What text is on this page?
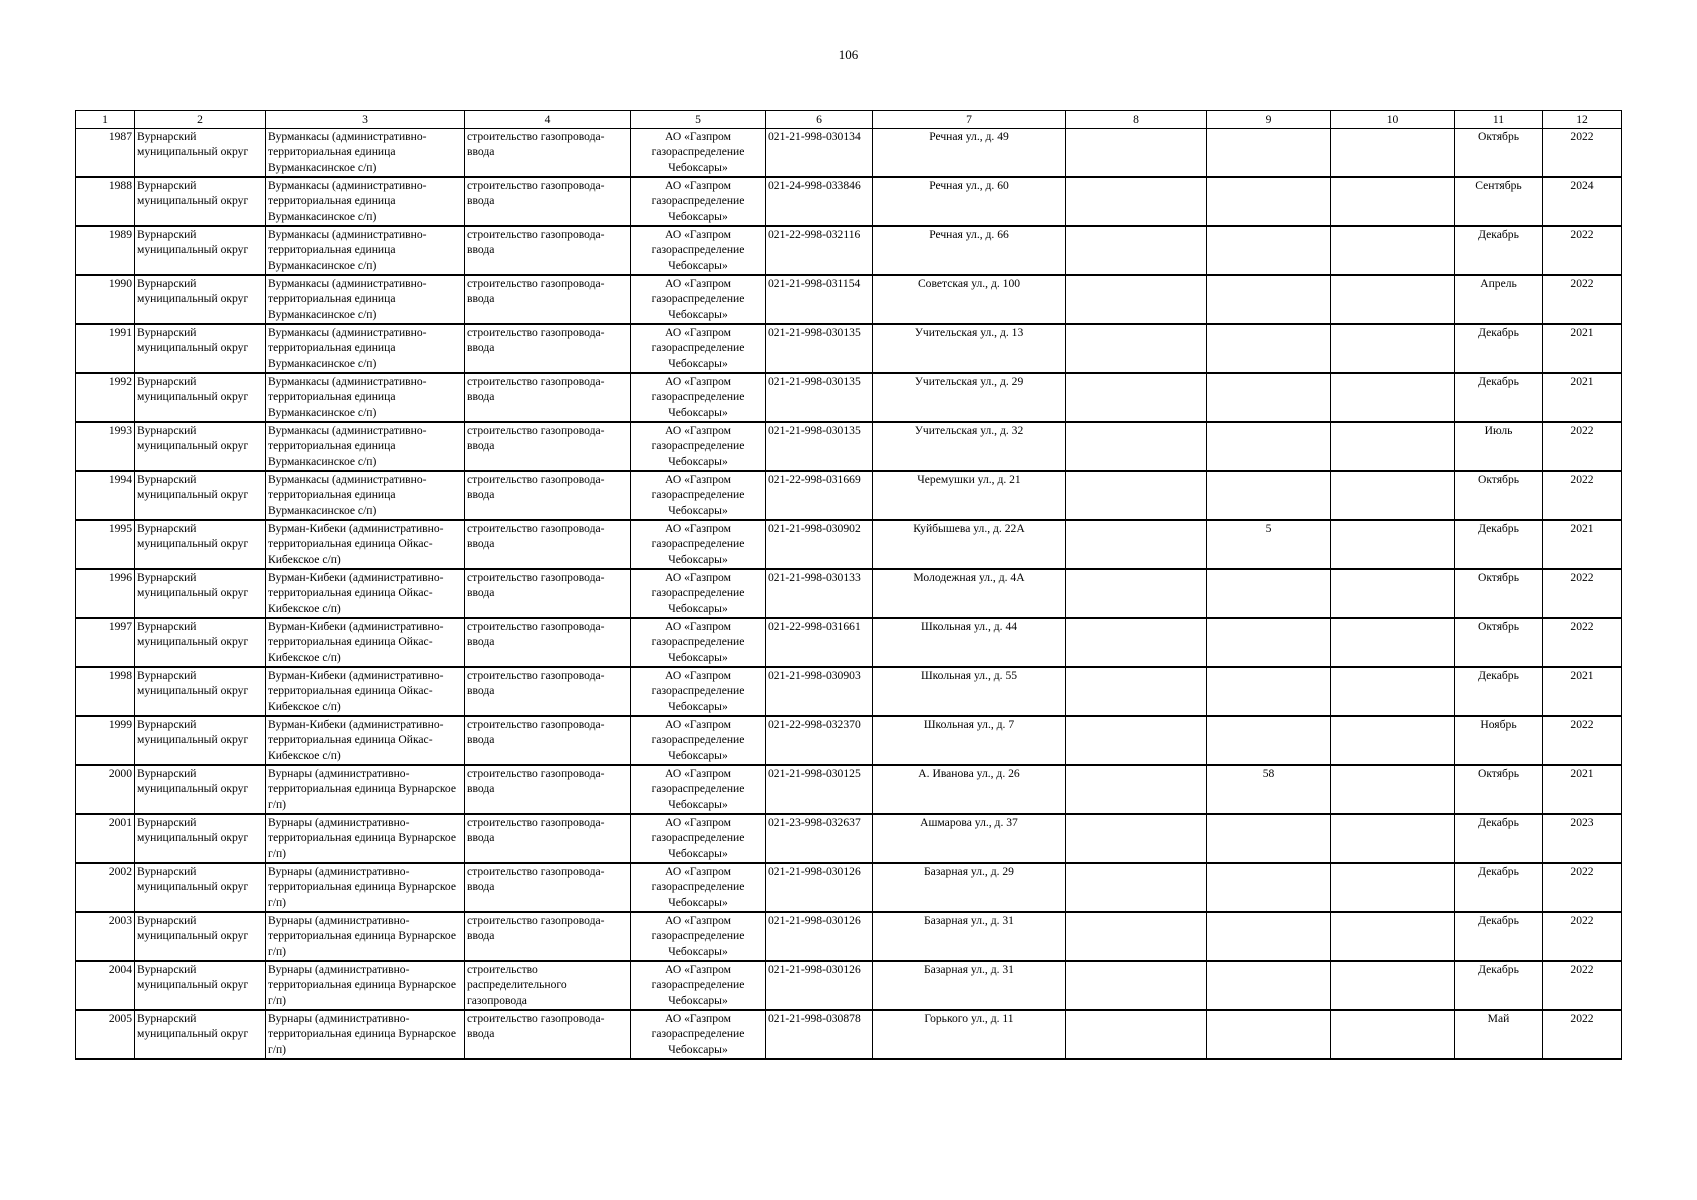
106
1	2	3	4	5	6	7	8	9	10	11	12
1987	Вурнарский муниципальный округ	Вурманкасы (административно-территориальная единица Вурманкасинское с/п)	строительство газопровода-ввода	АО «Газпром газораспределение Чебоксары»	021-21-998-030134	Речная ул., д. 49				Октябрь	2022
1988	Вурнарский муниципальный округ	Вурманкасы (административно-территориальная единица Вурманкасинское с/п)	строительство газопровода-ввода	АО «Газпром газораспределение Чебоксары»	021-24-998-033846	Речная ул., д. 60				Сентябрь	2024
1989	Вурнарский муниципальный округ	Вурманкасы (административно-территориальная единица Вурманкасинское с/п)	строительство газопровода-ввода	АО «Газпром газораспределение Чебоксары»	021-22-998-032116	Речная ул., д. 66				Декабрь	2022
1990	Вурнарский муниципальный округ	Вурманкасы (административно-территориальная единица Вурманкасинское с/п)	строительство газопровода-ввода	АО «Газпром газораспределение Чебоксары»	021-21-998-031154	Советская ул., д. 100				Апрель	2022
1991	Вурнарский муниципальный округ	Вурманкасы (административно-территориальная единица Вурманкасинское с/п)	строительство газопровода-ввода	АО «Газпром газораспределение Чебоксары»	021-21-998-030135	Учительская ул., д. 13				Декабрь	2021
1992	Вурнарский муниципальный округ	Вурманкасы (административно-территориальная единица Вурманкасинское с/п)	строительство газопровода-ввода	АО «Газпром газораспределение Чебоксары»	021-21-998-030135	Учительская ул., д. 29				Декабрь	2021
1993	Вурнарский муниципальный округ	Вурманкасы (административно-территориальная единица Вурманкасинское с/п)	строительство газопровода-ввода	АО «Газпром газораспределение Чебоксары»	021-21-998-030135	Учительская ул., д. 32				Июль	2022
1994	Вурнарский муниципальный округ	Вурманкасы (административно-территориальная единица Вурманкасинское с/п)	строительство газопровода-ввода	АО «Газпром газораспределение Чебоксары»	021-22-998-031669	Черемушки ул., д. 21				Октябрь	2022
1995	Вурнарский муниципальный округ	Вурман-Кибеки (административно-территориальная единица Ойкас-Кибекское с/п)	строительство газопровода-ввода	АО «Газпром газораспределение Чебоксары»	021-21-998-030902	Куйбышева ул., д. 22А		5		Декабрь	2021
1996	Вурнарский муниципальный округ	Вурман-Кибеки (административно-территориальная единица Ойкас-Кибекское с/п)	строительство газопровода-ввода	АО «Газпром газораспределение Чебоксары»	021-21-998-030133	Молодежная ул., д. 4А				Октябрь	2022
1997	Вурнарский муниципальный округ	Вурман-Кибеки (административно-территориальная единица Ойкас-Кибекское с/п)	строительство газопровода-ввода	АО «Газпром газораспределение Чебоксары»	021-22-998-031661	Школьная ул., д. 44				Октябрь	2022
1998	Вурнарский муниципальный округ	Вурман-Кибеки (административно-территориальная единица Ойкас-Кибекское с/п)	строительство газопровода-ввода	АО «Газпром газораспределение Чебоксары»	021-21-998-030903	Школьная ул., д. 55				Декабрь	2021
1999	Вурнарский муниципальный округ	Вурман-Кибеки (административно-территориальная единица Ойкас-Кибекское с/п)	строительство газопровода-ввода	АО «Газпром газораспределение Чебоксары»	021-22-998-032370	Школьная ул., д. 7				Ноябрь	2022
2000	Вурнарский муниципальный округ	Вурнары (административно-территориальная единица Вурнарское г/п)	строительство газопровода-ввода	АО «Газпром газораспределение Чебоксары»	021-21-998-030125	А. Иванова ул., д. 26		58		Октябрь	2021
2001	Вурнарский муниципальный округ	Вурнары (административно-территориальная единица Вурнарское г/п)	строительство газопровода-ввода	АО «Газпром газораспределение Чебоксары»	021-23-998-032637	Ашмарова ул., д. 37				Декабрь	2023
2002	Вурнарский муниципальный округ	Вурнары (административно-территориальная единица Вурнарское г/п)	строительство газопровода-ввода	АО «Газпром газораспределение Чебоксары»	021-21-998-030126	Базарная ул., д. 29				Декабрь	2022
2003	Вурнарский муниципальный округ	Вурнары (административно-территориальная единица Вурнарское г/п)	строительство газопровода-ввода	АО «Газпром газораспределение Чебоксары»	021-21-998-030126	Базарная ул., д. 31				Декабрь	2022
2004	Вурнарский муниципальный округ	Вурнары (административно-территориальная единица Вурнарское г/п)	строительство распределительного газопровода	АО «Газпром газораспределение Чебоксары»	021-21-998-030126	Базарная ул., д. 31				Декабрь	2022
2005	Вурнарский муниципальный округ	Вурнары (административно-территориальная единица Вурнарское г/п)	строительство газопровода-ввода	АО «Газпром газораспределение Чебоксары»	021-21-998-030878	Горького ул., д. 11				Май	2022
